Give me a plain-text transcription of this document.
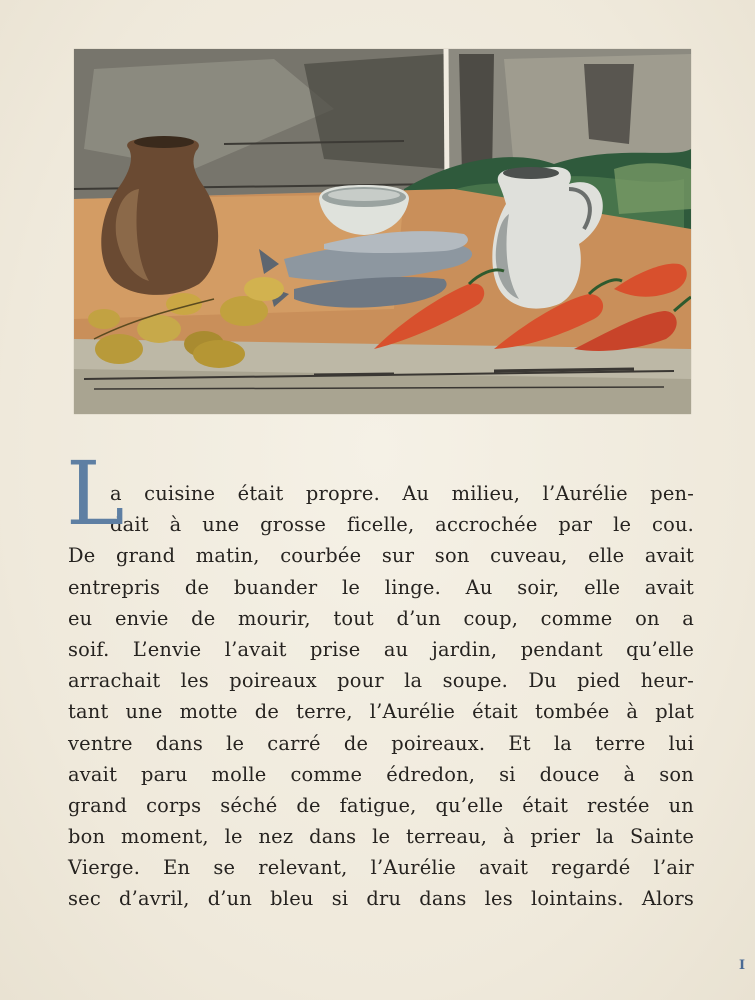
L
a cuisine était propre. Au milieu, l’Aurélie pen-
dait à une grosse ficelle, accrochée par le cou.
De grand matin, courbée sur son cuveau, elle avait
entrepris de buander le linge. Au soir, elle avait
eu envie de mourir, tout d’un coup, comme on a
soif. L’envie l’avait prise au jardin, pendant qu’elle
arrachait les poireaux pour la soupe. Du pied heur-
tant une motte de terre, l’Aurélie était tombée à plat
ventre dans le carré de poireaux. Et la terre lui
avait paru molle comme édredon, si douce à son
grand corps séché de fatigue, qu’elle était restée un
bon moment, le nez dans le terreau, à prier la Sainte
Vierge. En se relevant, l’Aurélie avait regardé l’air
sec d’avril, d’un bleu si dru dans les lointains. Alors
I
